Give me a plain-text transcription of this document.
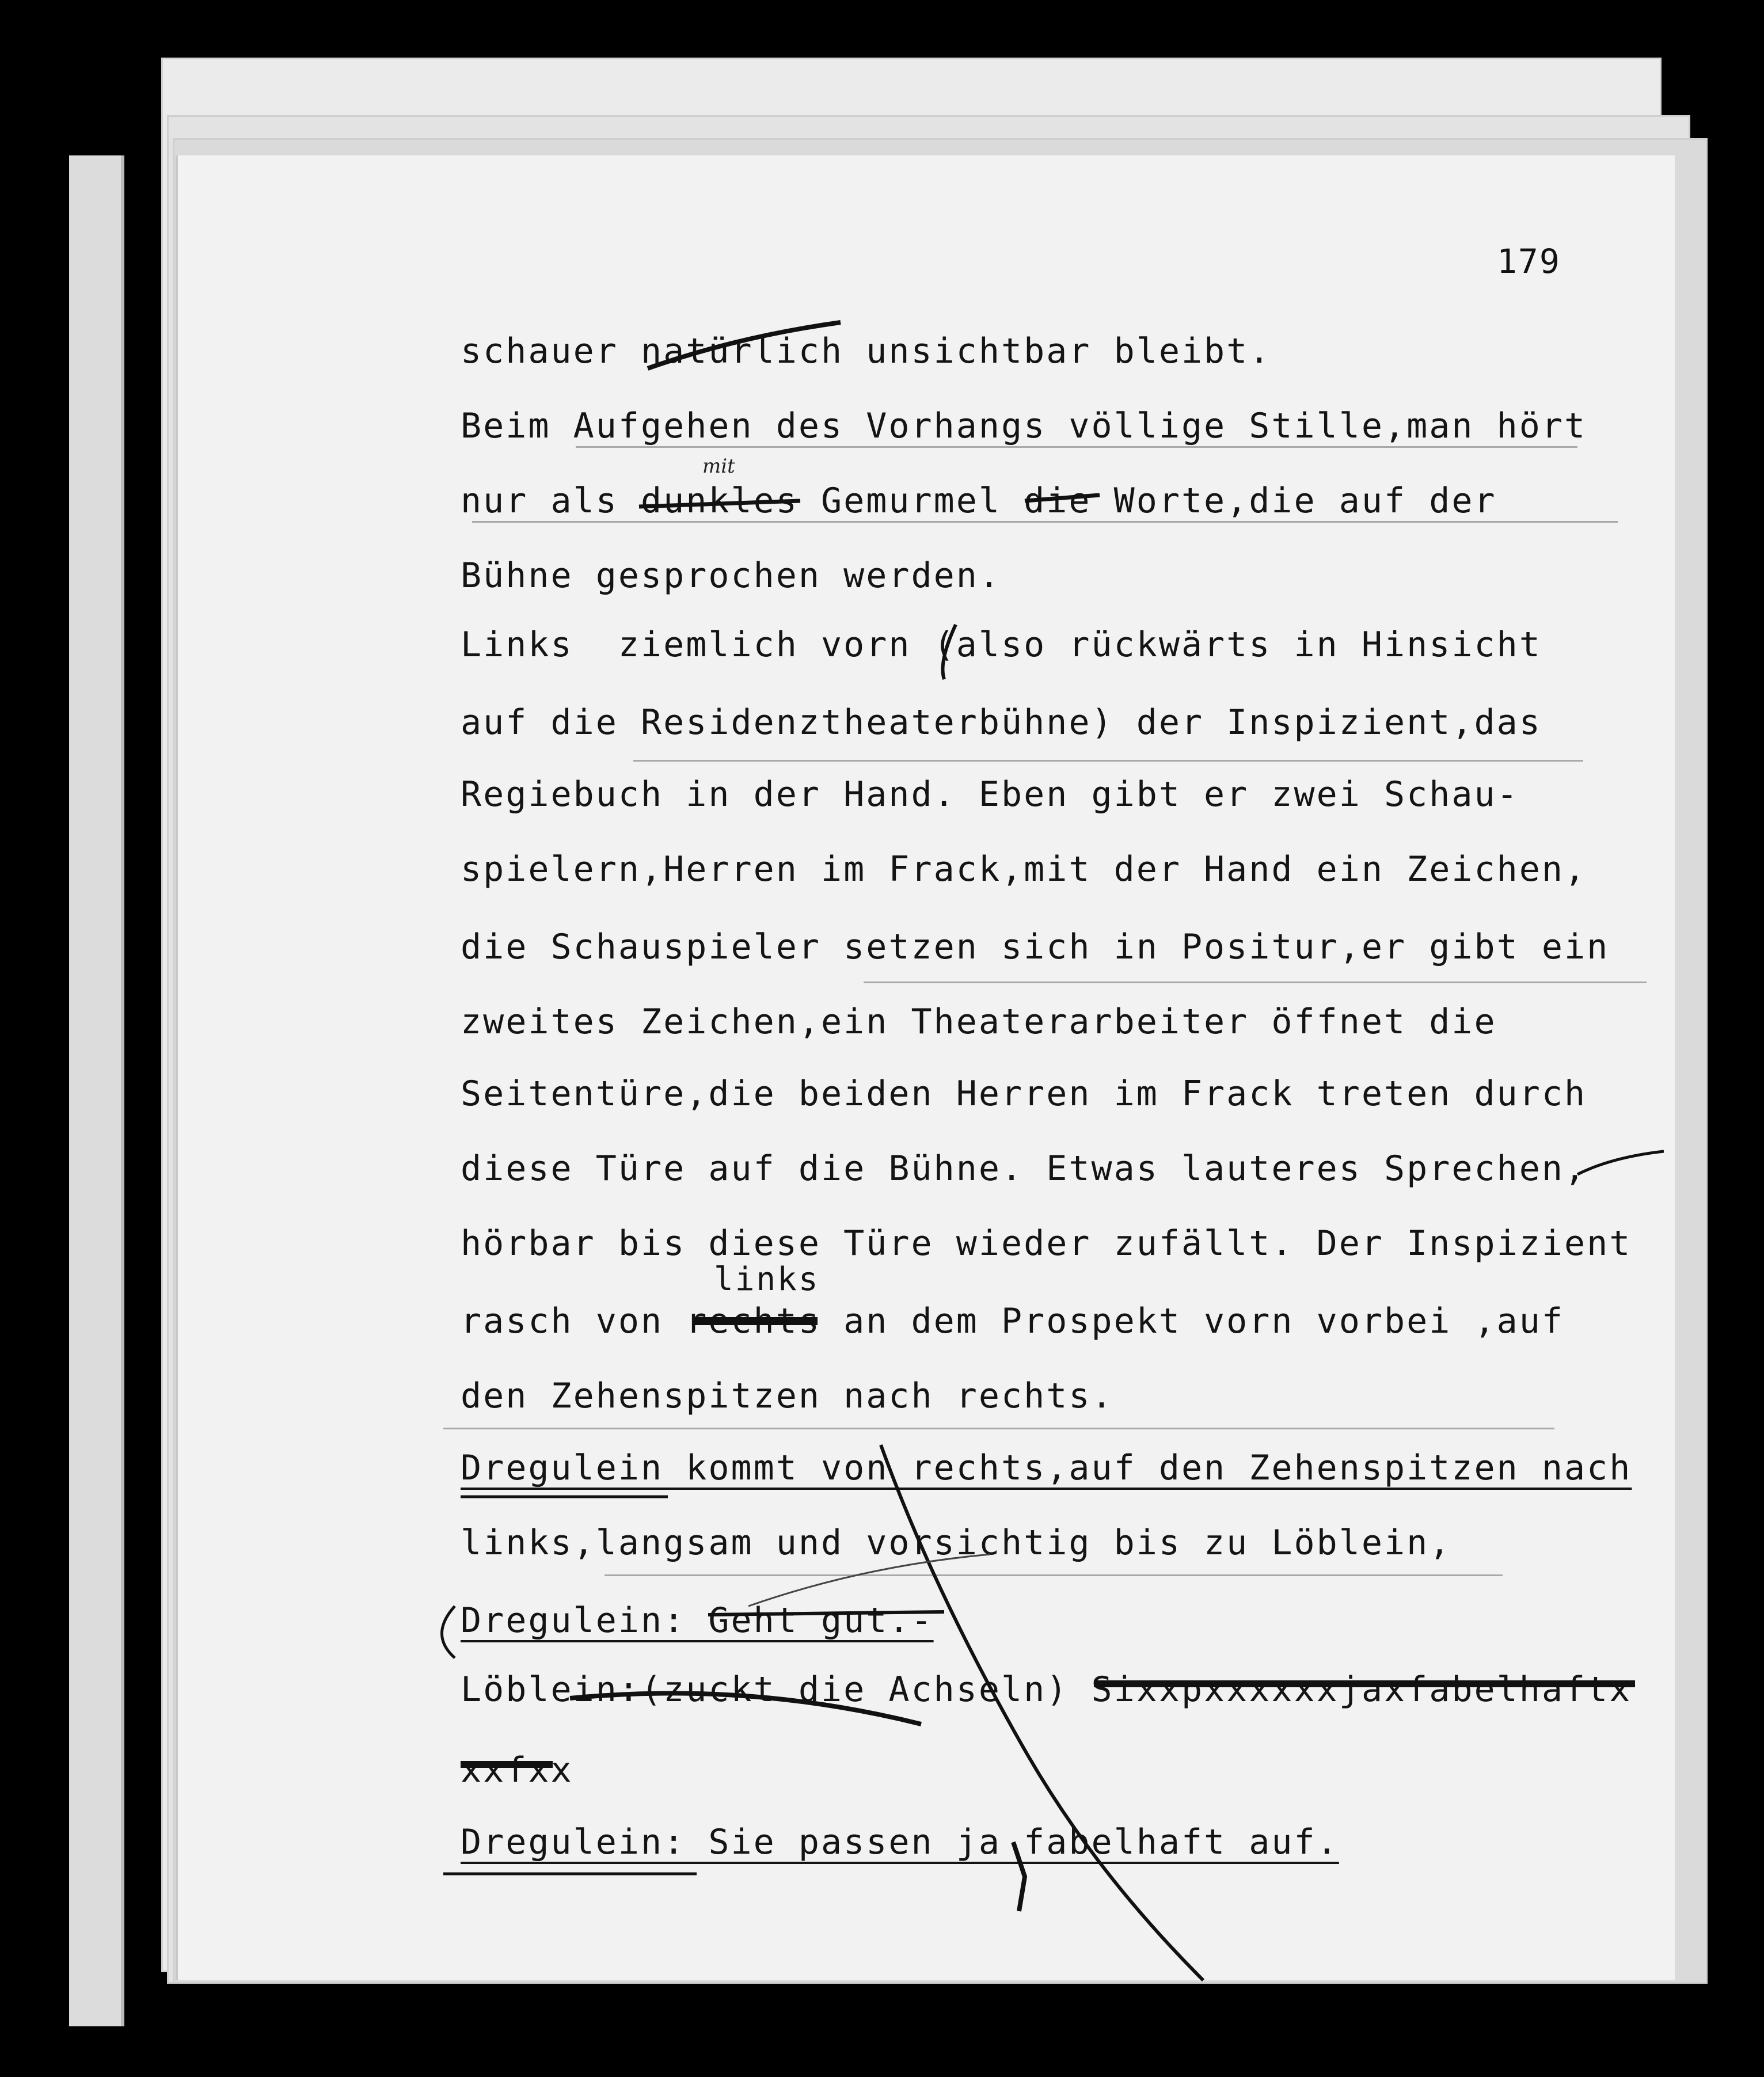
179
schauer natürlich unsichtbar bleibt.
Beim Aufgehen des Vorhangs völlige Stille,man hört
nur als dunkles Gemurmel die Worte,die auf der
Bühne gesprochen werden.
Links  ziemlich vorn (also rückwärts in Hinsicht
auf die Residenztheaterbühne) der Inspizient,das
Regiebuch in der Hand. Eben gibt er zwei Schau-
spielern,Herren im Frack,mit der Hand ein Zeichen,
die Schauspieler setzen sich in Positur,er gibt ein
zweites Zeichen,ein Theaterarbeiter öffnet die
Seitentüre,die beiden Herren im Frack treten durch
diese Türe auf die Bühne. Etwas lauteres Sprechen,
hörbar bis diese Türe wieder zufällt. Der Inspizient
links
rasch von rechts an dem Prospekt vorn vorbei ,auf
den Zehenspitzen nach rechts.
Dregulein kommt von rechts,auf den Zehenspitzen nach
links,langsam und vorsichtig bis zu Löblein,
Dregulein: Geht gut.-
Löblein:(zuckt die Achseln) Sixxpxxxxxxjaxfabelhaftx
xxfxx
Dregulein: Sie passen ja fabelhaft auf.
mit
